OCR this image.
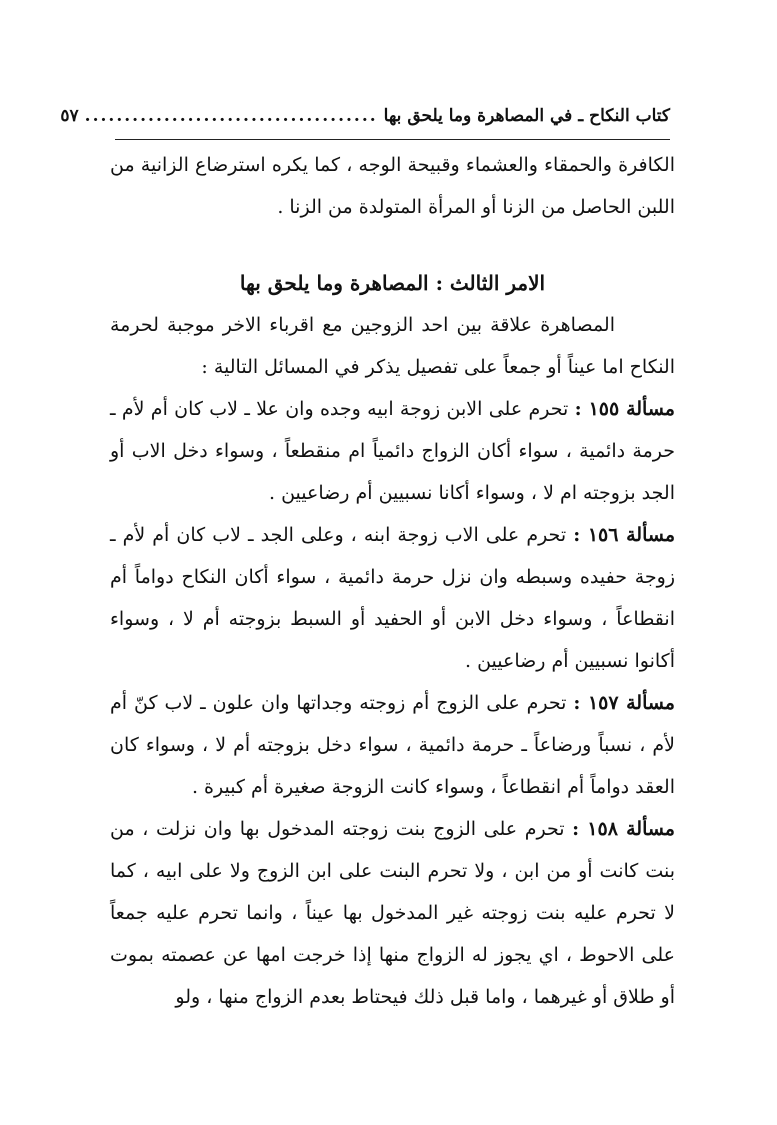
كتاب النكاح ـ في المصاهرة وما يلحق بها
.....................................
٥٧

الكافرة والحمقاء والعشماء وقبيحة الوجه ، كما يكره استرضاع الزانية من اللبن الحاصل من الزنا أو المرأة المتولدة من الزنا .

الامر الثالث : المصاهرة وما يلحق بها

المصاهرة علاقة بين احد الزوجين مع اقرباء الاخر موجبة لحرمة النكاح اما عيناً أو جمعاً على تفصيل يذكر في المسائل التالية :

مسألة ١٥٥ : تحرم على الابن زوجة ابيه وجده وان علا ـ لاب كان أم لأم ـ حرمة دائمية ، سواء أكان الزواج دائمياً ام منقطعاً ، وسواء دخل الاب أو الجد بزوجته ام لا ، وسواء أكانا نسبيين أم رضاعيين .

مسألة ١٥٦ : تحرم على الاب زوجة ابنه ، وعلى الجد ـ لاب كان أم لأم ـ زوجة حفيده وسبطه وان نزل حرمة دائمية ، سواء أكان النكاح دواماً أم انقطاعاً ، وسواء دخل الابن أو الحفيد أو السبط بزوجته أم لا ، وسواء أكانوا نسبيين أم رضاعيين .

مسألة ١٥٧ : تحرم على الزوج أم زوجته وجداتها وان علون ـ لاب كنّ أم لأم ، نسباً ورضاعاً ـ حرمة دائمية ، سواء دخل بزوجته أم لا ، وسواء كان العقد دواماً أم انقطاعاً ، وسواء كانت الزوجة صغيرة أم كبيرة .

مسألة ١٥٨ : تحرم على الزوج بنت زوجته المدخول بها وان نزلت ، من بنت كانت أو من ابن ، ولا تحرم البنت على ابن الزوج ولا على ابيه ، كما لا تحرم عليه بنت زوجته غير المدخول بها عيناً ، وانما تحرم عليه جمعاً على الاحوط ، اي يجوز له الزواج منها إذا خرجت امها عن عصمته بموت أو طلاق أو غيرهما ، واما قبل ذلك فيحتاط بعدم الزواج منها ، ولو
